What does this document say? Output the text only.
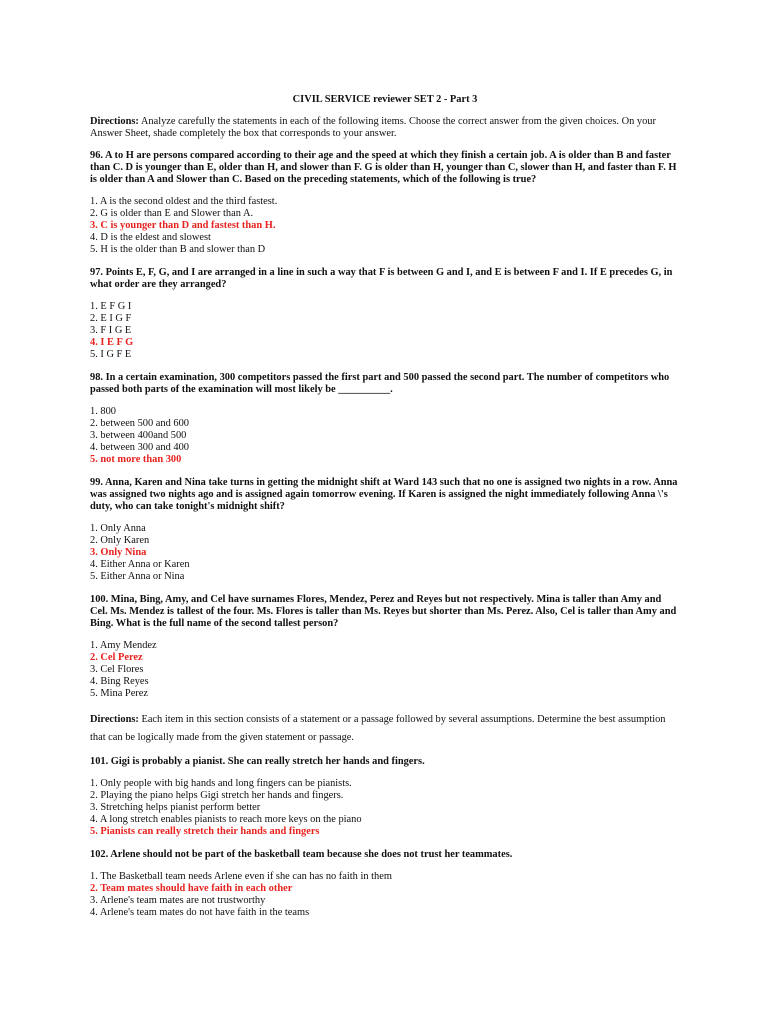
CIVIL SERVICE reviewer SET 2 - Part 3

Directions: Analyze carefully the statements in each of the following items. Choose the correct answer from the given choices. On your Answer Sheet, shade completely the box that corresponds to your answer.

96. A to H are persons compared according to their age and the speed at which they finish a certain job. A is older than B and faster than C. D is younger than E, older than H, and slower than F. G is older than H, younger than C, slower than H, and faster than F. H is older than A and Slower than C. Based on the preceding statements, which of the following is true?

1. A is the second oldest and the third fastest.
2. G is older than E and Slower than A.
3. C is younger than D and fastest than H.
4. D is the eldest and slowest
5. H is the older than B and slower than D

97. Points E, F, G, and I are arranged in a line in such a way that F is between G and I, and E is between F and I. If E precedes G, in what order are they arranged?

1. E F G I
2. E I G F
3. F I G E
4. I E F G
5. I G F E

98. In a certain examination, 300 competitors passed the first part and 500 passed the second part. The number of competitors who passed both parts of the examination will most likely be __________.

1. 800
2. between 500 and 600
3. between 400and 500
4. between 300 and 400
5. not more than 300

99. Anna, Karen and Nina take turns in getting the midnight shift at Ward 143 such that no one is assigned two nights in a row. Anna was assigned two nights ago and is assigned again tomorrow evening. If Karen is assigned the night immediately following Anna \'s duty, who can take tonight's midnight shift?

1. Only Anna
2. Only Karen
3. Only Nina
4. Either Anna or Karen
5. Either Anna or Nina

100. Mina, Bing, Amy, and Cel have surnames Flores, Mendez, Perez and Reyes but not respectively. Mina is taller than Amy and Cel. Ms. Mendez is tallest of the four. Ms. Flores is taller than Ms. Reyes but shorter than Ms. Perez. Also, Cel is taller than Amy and Bing. What is the full name of the second tallest person?

1. Amy Mendez
2. Cel Perez
3. Cel Flores
4. Bing Reyes
5. Mina Perez

Directions: Each item in this section consists of a statement or a passage followed by several assumptions. Determine the best assumption that can be logically made from the given statement or passage.

101. Gigi is probably a pianist. She can really stretch her hands and fingers.

1. Only people with big hands and long fingers can be pianists.
2. Playing the piano helps Gigi stretch her hands and fingers.
3. Stretching helps pianist perform better
4. A long stretch enables pianists to reach more keys on the piano
5. Pianists can really stretch their hands and fingers

102. Arlene should not be part of the basketball team because she does not trust her teammates.

1. The Basketball team needs Arlene even if she can has no faith in them
2. Team mates should have faith in each other
3. Arlene's team mates are not trustworthy
4. Arlene's team mates do not have faith in the teams
